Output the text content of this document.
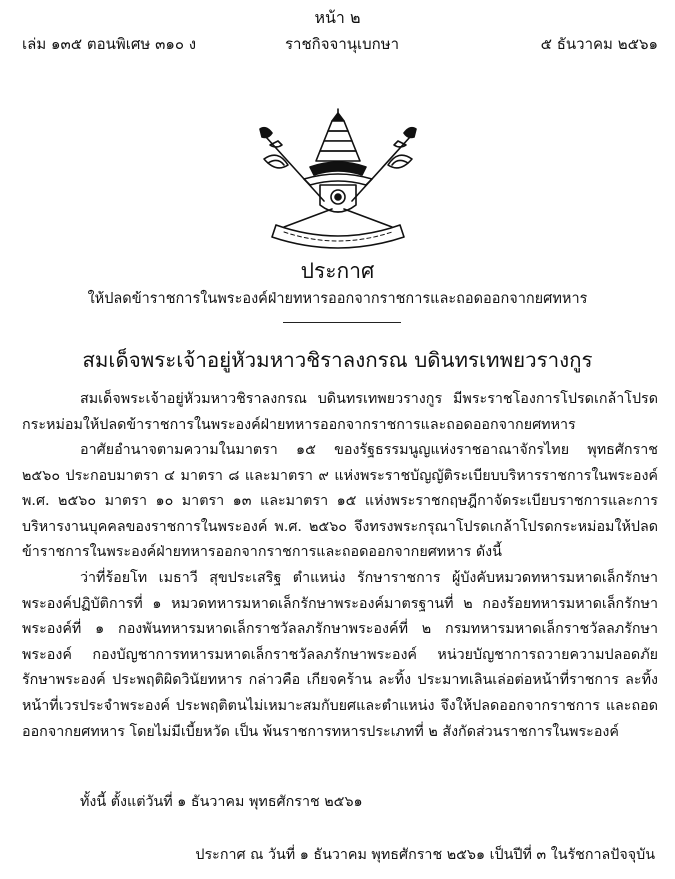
หน้า ๒
เล่ม ๑๓๕ ตอนพิเศษ ๓๑๐ ง	ราชกิจจานุเบกษา	๕ ธันวาคม ๒๕๖๑
ประกาศ
ให้ปลดข้าราชการในพระองค์ฝ่ายทหารออกจากราชการและถอดออกจากยศทหาร
สมเด็จพระเจ้าอยู่หัวมหาวชิราลงกรณ บดินทรเทพยวรางกูร

สมเด็จพระเจ้าอยู่หัวมหาวชิราลงกรณ บดินทรเทพยวรางกูร มีพระราชโองการโปรดเกล้าโปรดกระหม่อมให้ปลดข้าราชการในพระองค์ฝ่ายทหารออกจากราชการและถอดออกจากยศทหาร

อาศัยอำนาจตามความในมาตรา ๑๕ ของรัฐธรรมนูญแห่งราชอาณาจักรไทย พุทธศักราช ๒๕๖๐ ประกอบมาตรา ๔ มาตรา ๘ และมาตรา ๙ แห่งพระราชบัญญัติระเบียบบริหารราชการในพระองค์ พ.ศ. ๒๕๖๐ มาตรา ๑๐ มาตรา ๑๓ และมาตรา ๑๕ แห่งพระราชกฤษฎีกาจัดระเบียบราชการและการบริหารงานบุคคลของราชการในพระองค์ พ.ศ. ๒๕๖๐ จึงทรงพระกรุณาโปรดเกล้าโปรดกระหม่อมให้ปลดข้าราชการในพระองค์ฝ่ายทหารออกจากราชการและถอดออกจากยศทหาร ดังนี้

ว่าที่ร้อยโท เมธาวี สุขประเสริฐ ตำแหน่ง รักษาราชการ ผู้บังคับหมวดทหารมหาดเล็กรักษาพระองค์ปฏิบัติการที่ ๑ หมวดทหารมหาดเล็กรักษาพระองค์มาตรฐานที่ ๒ กองร้อยทหารมหาดเล็กรักษาพระองค์ที่ ๑ กองพันทหารมหาดเล็กราชวัลลภรักษาพระองค์ที่ ๒ กรมทหารมหาดเล็กราชวัลลภรักษาพระองค์ กองบัญชาการทหารมหาดเล็กราชวัลลภรักษาพระองค์ หน่วยบัญชาการถวายความปลอดภัยรักษาพระองค์ ประพฤติผิดวินัยทหาร กล่าวคือ เกียจคร้าน ละทิ้ง ประมาทเลินเล่อต่อหน้าที่ราชการ ละทิ้งหน้าที่เวรประจำพระองค์ ประพฤติตนไม่เหมาะสมกับยศและตำแหน่ง จึงให้ปลดออกจากราชการ และถอดออกจากยศทหาร โดยไม่มีเบี้ยหวัด เป็น พ้นราชการทหารประเภทที่ ๒ สังกัดส่วนราชการในพระองค์

ทั้งนี้ ตั้งแต่วันที่ ๑ ธันวาคม พุทธศักราช ๒๕๖๑

ประกาศ ณ วันที่ ๑ ธันวาคม พุทธศักราช ๒๕๖๑ เป็นปีที่ ๓ ในรัชกาลปัจจุบัน
